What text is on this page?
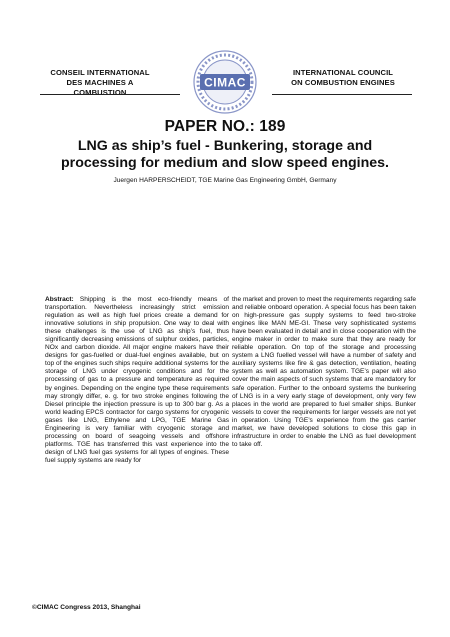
CONSEIL INTERNATIONAL
DES MACHINES A COMBUSTION
CIMAC
INTERNATIONAL COUNCIL
ON COMBUSTION ENGINES
PAPER NO.: 189
LNG as ship’s fuel - Bunkering, storage and
processing for medium and slow speed engines.
Juergen HARPERSCHEIDT, TGE Marine Gas Engineering GmbH, Germany
Abstract: Shipping is the most eco-friendly means of transportation. Nevertheless increasingly strict emission regulation as well as high fuel prices create a demand for innovative solutions in ship propulsion. One way to deal with these challenges is the use of LNG as ship’s fuel, thus significantly decreasing emissions of sulphur oxides, particles, NOx and carbon dioxide. All major engine makers have their designs for gas-fuelled or dual-fuel engines available, but on top of the engines such ships require additional systems for the storage of LNG under cryogenic conditions and for the processing of gas to a pressure and temperature as required by engines. Depending on the engine type these requirements may strongly differ, e. g. for two stroke engines following the Diesel principle the injection pressure is up to 300 bar g. As a world leading EPCS contractor for cargo systems for cryogenic gases like LNG, Ethylene and LPG, TGE Marine Gas Engineering is very familiar with cryogenic storage and processing on board of seagoing vessels and offshore platforms. TGE has transferred this vast experience into the design of LNG fuel gas systems for all types of engines. These fuel supply systems are ready for
the market and proven to meet the requirements regarding safe and reliable onboard operation. A special focus has been taken on high-pressure gas supply systems to feed two-stroke engines like MAN ME-GI. These very sophisticated systems have been evaluated in detail and in close cooperation with the engine maker in order to make sure that they are ready for reliable operation. On top of the storage and processing system a LNG fuelled vessel will have a number of safety and auxiliary systems like fire & gas detection, ventilation, heating system as well as automation system. TGE’s paper will also cover the main aspects of such systems that are mandatory for safe operation. Further to the onboard systems the bunkering of LNG is in a very early stage of development, only very few places in the world are prepared to fuel smaller ships. Bunker vessels to cover the requirements for larger vessels are not yet in operation. Using TGE’s experience from the gas carrier market, we have developed solutions to close this gap in infrastructure in order to enable the LNG as fuel development to take off.
©CIMAC Congress 2013, Shanghai
